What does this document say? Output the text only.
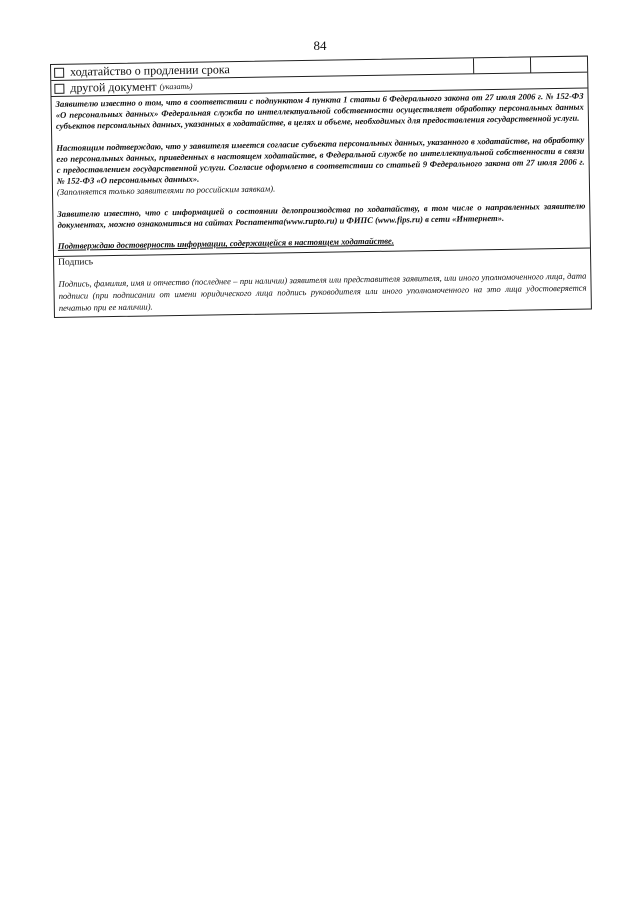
84
ходатайство о продлении срока
другой документ (указать)

Заявителю известно о том, что в соответствии с подпунктом 4 пункта 1 статьи 6 Федерального закона от 27 июля 2006 г. № 152-ФЗ «О персональных данных» Федеральная служба по интеллектуальной собственности осуществляет обработку персональных данных субъектов персональных данных, указанных в ходатайстве, в целях и объеме, необходимых для предоставления государственной услуги.

Настоящим подтверждаю, что у заявителя имеется согласие субъекта персональных данных, указанного в ходатайстве, на обработку его персональных данных, приведенных в настоящем ходатайстве, в Федеральной службе по интеллектуальной собственности в связи с предоставлением государственной услуги. Согласие оформлено в соответствии со статьей 9 Федерального закона от 27 июля 2006 г. № 152-ФЗ «О персональных данных».

(Заполняется только заявителями по российским заявкам).

Заявителю известно, что с информацией о состоянии делопроизводства по ходатайству, в том числе о направленных заявителю документах, можно ознакомиться на сайтах Роспатента(www.rupto.ru) и ФИПС (www.fips.ru) в сети «Интернет».

Подтверждаю достоверность информации, содержащейся в настоящем ходатайстве.

Подпись

Подпись, фамилия, имя и отчество (последнее – при наличии) заявителя или представителя заявителя, или иного уполномоченного лица, дата подписи (при подписании от имени юридического лица подпись руководителя или иного уполномоченного на это лица удостоверяется печатью при ее наличии).
